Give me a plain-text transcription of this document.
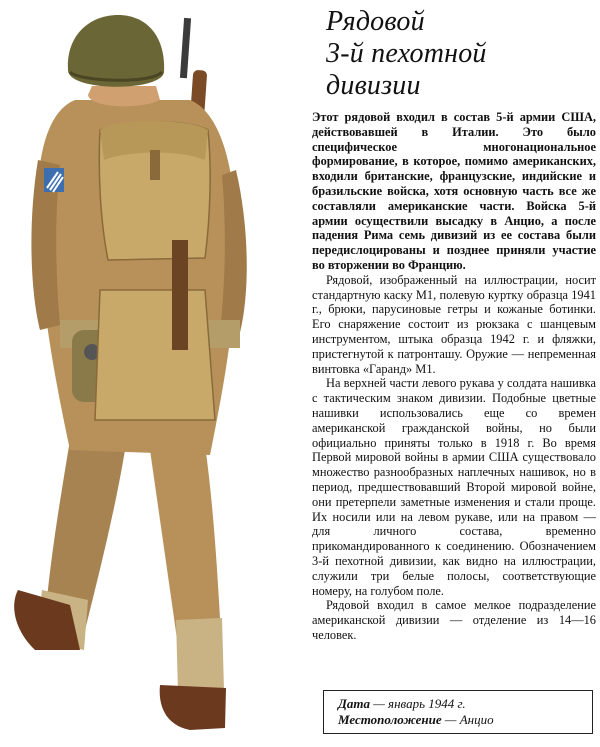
Рядовой
3-й пехотной
дивизии

Этот рядовой входил в состав 5-й армии США, действовавшей в Италии. Это было специфическое многонациональное формирование, в которое, помимо американских, входили британские, французские, индийские и бразильские войска, хотя основную часть все же составляли американские части. Войска 5-й армии осуществили высадку в Анцио, а после падения Рима семь дивизий из ее состава были передислоцированы и позднее приняли участие во вторжении во Францию.

Рядовой, изображенный на иллюстрации, носит стандартную каску М1, полевую куртку образца 1941 г., брюки, парусиновые гетры и кожаные ботинки. Его снаряжение состоит из рюкзака с шанцевым инструментом, штыка образца 1942 г. и фляжки, пристегнутой к патронташу. Оружие — непременная винтовка «Гаранд» М1.

На верхней части левого рукава у солдата нашивка с тактическим знаком дивизии. Подобные цветные нашивки использовались еще со времен американской гражданской войны, но были официально приняты только в 1918 г. Во время Первой мировой войны в армии США существовало множество разнообразных наплечных нашивок, но в период, предшествовавший Второй мировой войне, они претерпели заметные изменения и стали проще. Их носили или на левом рукаве, или на правом — для личного состава, временно прикомандированного к соединению. Обозначением 3-й пехотной дивизии, как видно на иллюстрации, служили три белые полосы, соответствующие номеру, на голубом поле.

Рядовой входил в самое мелкое подразделение американской дивизии — отделение из 14—16 человек.

Дата — январь 1944 г.
Местоположение — Анцио
